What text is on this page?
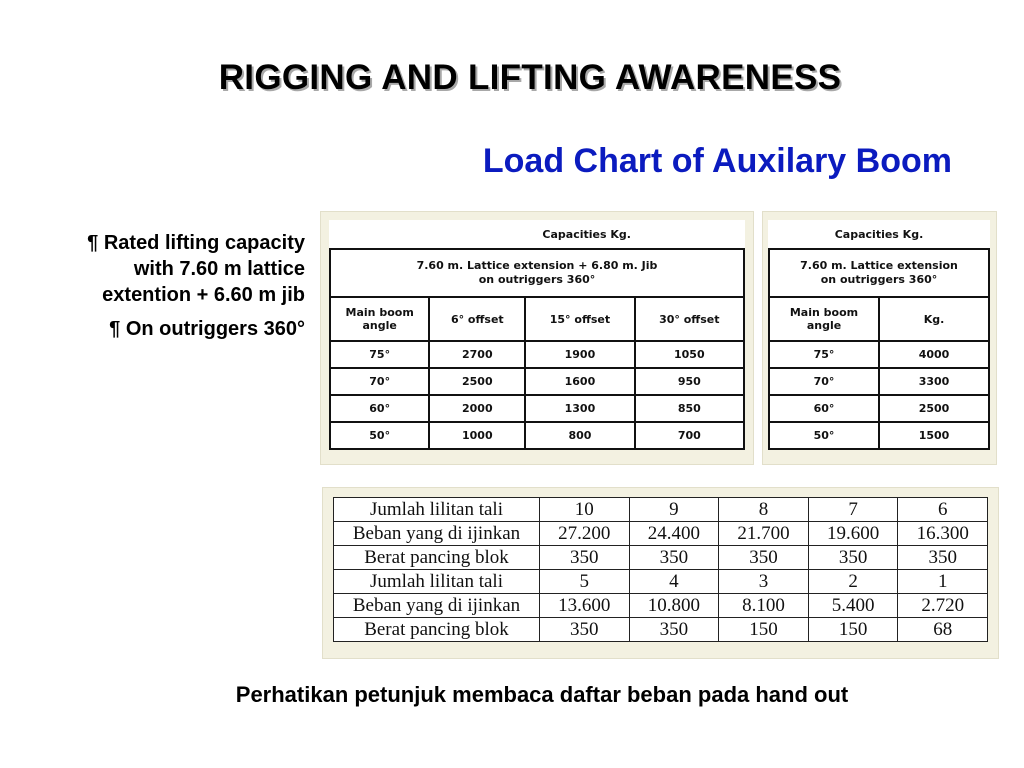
RIGGING AND LIFTING AWARENESS
Load Chart of Auxilary Boom

¶ Rated lifting capacity with 7.60 m lattice extention + 6.60 m jib

¶ On outriggers 360°

	Capacities Kg.		
7.60 m. Lattice extension + 6.80 m. Jib
on outriggers 360°			
Main boom
angle	6° offset	15° offset	30° offset
75°	2700	1900	1050
70°	2500	1600	950
60°	2000	1300	850
50°	1000	800	700
Capacities Kg.	
7.60 m. Lattice extension
on outriggers 360°	
Main boom
angle	Kg.
75°	4000
70°	3300
60°	2500
50°	1500
Jumlah lilitan tali	10	9	8	7	6
Beban yang di ijinkan	27.200	24.400	21.700	19.600	16.300
Berat pancing blok	350	350	350	350	350
Jumlah lilitan tali	5	4	3	2	1
Beban yang di ijinkan	13.600	10.800	8.100	5.400	2.720
Berat pancing blok	350	350	150	150	68
Perhatikan petunjuk membaca daftar beban pada hand out
